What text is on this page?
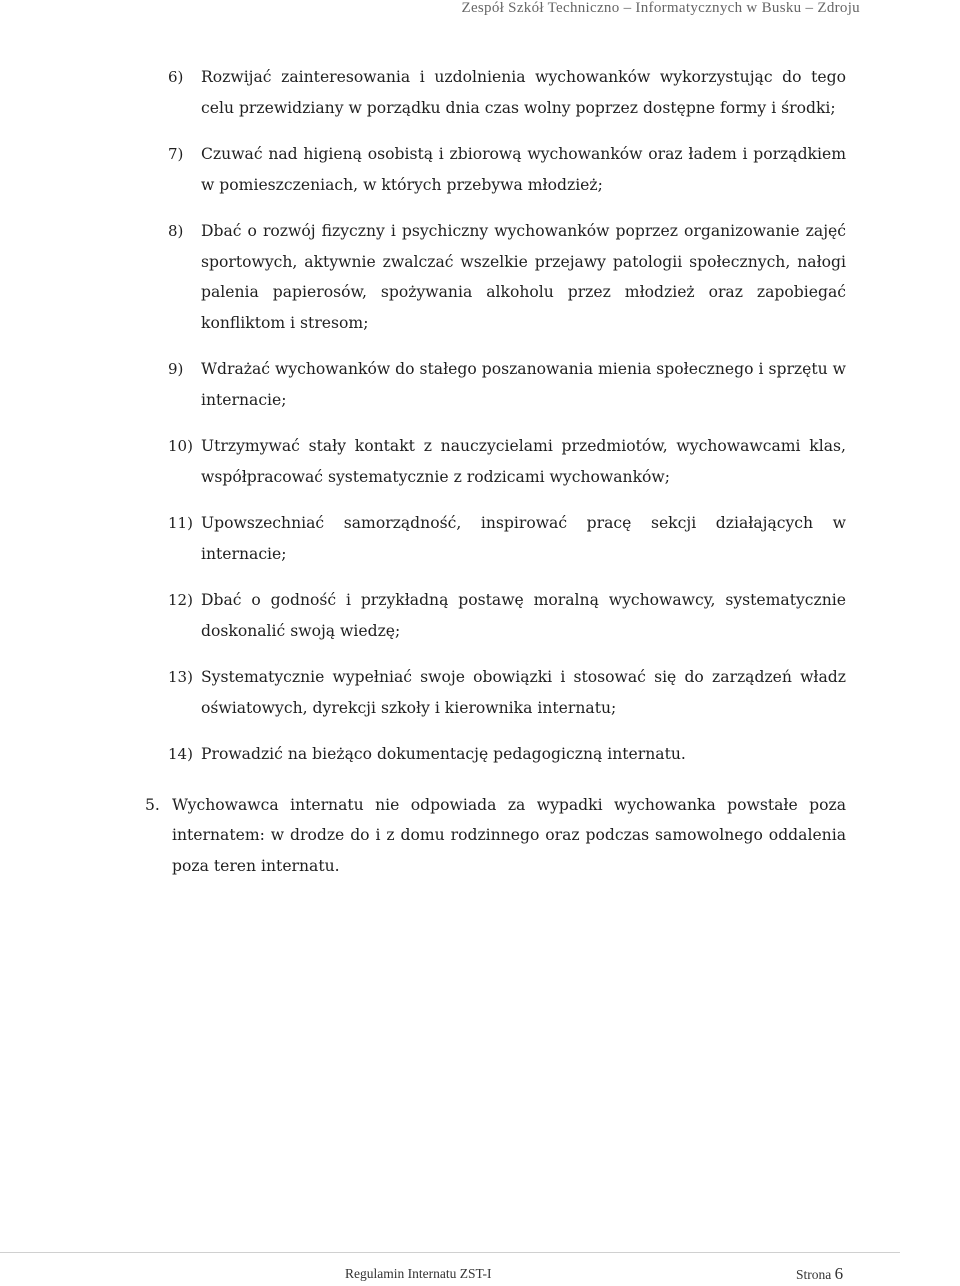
Zespół Szkół Techniczno – Informatycznych w Busku – Zdroju
6) Rozwijać zainteresowania i uzdolnienia wychowanków wykorzystując do tego celu przewidziany w porządku dnia czas wolny poprzez dostępne formy i środki;
7) Czuwać nad higieną osobistą i zbiorową wychowanków oraz ładem i porządkiem w pomieszczeniach, w których przebywa młodzież;
8) Dbać o rozwój fizyczny i psychiczny wychowanków poprzez organizowanie zajęć sportowych, aktywnie zwalczać wszelkie przejawy patologii społecznych, nałogi palenia papierosów, spożywania alkoholu przez młodzież oraz zapobiegać konfliktom i stresom;
9) Wdrażać wychowanków do stałego poszanowania mienia społecznego i sprzętu w internacie;
10) Utrzymywać stały kontakt z nauczycielami przedmiotów, wychowawcami klas, współpracować systematycznie z rodzicami wychowanków;
11) Upowszechniać samorządność, inspirować pracę sekcji działających w internacie;
12) Dbać o godność i przykładną postawę moralną wychowawcy, systematycznie doskonalić swoją wiedzę;
13) Systematycznie wypełniać swoje obowiązki i stosować się do zarządzeń władz oświatowych, dyrekcji szkoły i kierownika internatu;
14) Prowadzić na bieżąco dokumentację pedagogiczną internatu.
5. Wychowawca internatu nie odpowiada za wypadki wychowanka powstałe poza internatem: w drodze do i z domu rodzinnego oraz podczas samowolnego oddalenia poza teren internatu.
Regulamin Internatu ZST-I	Strona 6
